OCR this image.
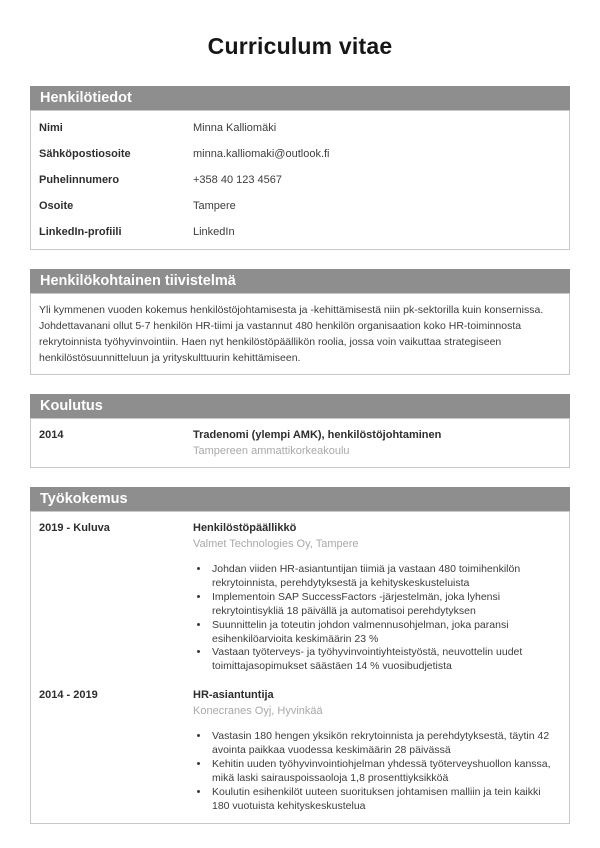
Curriculum vitae
Henkilötiedot
Nimi	Minna Kalliomäki
Sähköpostiosoite	minna.kalliomaki@outlook.fi
Puhelinnumero	+358 40 123 4567
Osoite	Tampere
LinkedIn-profiili	LinkedIn
Henkilökohtainen tiivistelmä

Yli kymmenen vuoden kokemus henkilöstöjohtamisesta ja -kehittämisestä niin pk-sektorilla kuin konsernissa. Johdettavanani ollut 5-7 henkilön HR-tiimi ja vastannut 480 henkilön organisaation koko HR-toiminnosta rekrytoinnista työhyvinvointiin. Haen nyt henkilöstöpäällikön roolia, jossa voin vaikuttaa strategiseen henkilöstösuunnitteluun ja yrityskulttuurin kehittämiseen.

Koulutus
2014	Tradenomi (ylempi AMK), henkilöstöjohtaminen
Tampereen ammattikorkeakoulu
Työkokemus
2019 - Kuluva	Henkilöstöpäällikkö
Valmet Technologies Oy, Tampere
• Johdan viiden HR-asiantuntijan tiimiä ja vastaan 480 toimihenkilön rekrytoinnista, perehdytyksestä ja kehityskeskusteluista
• Implementoin SAP SuccessFactors -järjestelmän, joka lyhensi rekrytointisykliä 18 päivällä ja automatisoi perehdytyksen
• Suunnittelin ja toteutin johdon valmennusohjelman, joka paransi esihenkilöarvioita keskimäärin 23 %
• Vastaan työterveys- ja työhyvinvointiyhteistyöstä, neuvottelin uudet toimittajasopimukset säästäen 14 % vuosibudjetista
2014 - 2019	HR-asiantuntija
Konecranes Oyj, Hyvinkää
• Vastasin 180 hengen yksikön rekrytoinnista ja perehdytyksestä, täytin 42 avointa paikkaa vuodessa keskimäärin 28 päivässä
• Kehitin uuden työhyvinvointiohjelman yhdessä työterveyshuollon kanssa, mikä laski sairauspoissaoloja 1,8 prosenttiyksikköä
• Koulutin esihenkilöt uuteen suorituksen johtamisen malliin ja tein kaikki 180 vuotuista kehityskeskustelua
